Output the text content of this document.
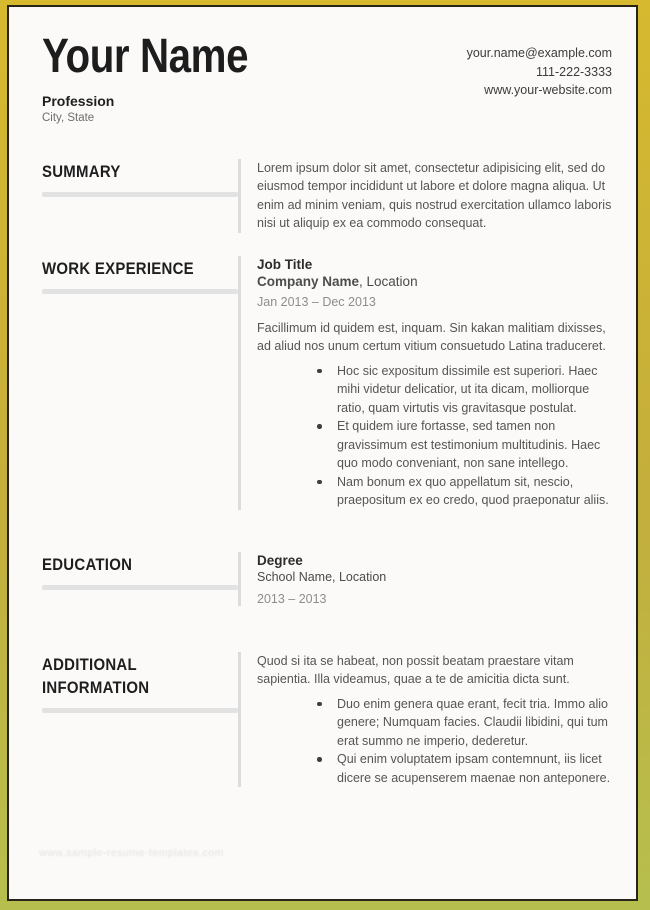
Your Name
Profession
City, State
your.name@example.com
111-222-3333
www.your-website.com
SUMMARY	Lorem ipsum dolor sit amet, consectetur adipisicing elit, sed do eiusmod tempor incididunt ut labore et dolore magna aliqua. Ut enim ad minim veniam, quis nostrud exercitation ullamco laboris nisi ut aliquip ex ea commodo consequat.

WORK EXPERIENCE	Job Title
Company Name, Location
Jan 2013 – Dec 2013

Facillimum id quidem est, inquam. Sin kakan malitiam dixisses, ad aliud nos unum certum vitium consuetudo Latina traduceret.

Hoc sic expositum dissimile est superiori. Haec mihi videtur delicatior, ut ita dicam, molliorque ratio, quam virtutis vis gravitasque postulat.
Et quidem iure fortasse, sed tamen non gravissimum est testimonium multitudinis. Haec quo modo conveniant, non sane intellego.
Nam bonum ex quo appellatum sit, nescio, praepositum ex eo credo, quod praeponatur aliis.
EDUCATION	Degree
School Name, Location
2013 – 2013
ADDITIONAL INFORMATION

Quod si ita se habeat, non possit beatam praestare vitam sapientia. Illa videamus, quae a te de amicitia dicta sunt.

Duo enim genera quae erant, fecit tria. Immo alio genere; Numquam facies. Claudii libidini, qui tum erat summo ne imperio, dederetur.
Qui enim voluptatem ipsam contemnunt, iis licet dicere se acupenserem maenae non anteponere.
www.sample-resume-templates.com
